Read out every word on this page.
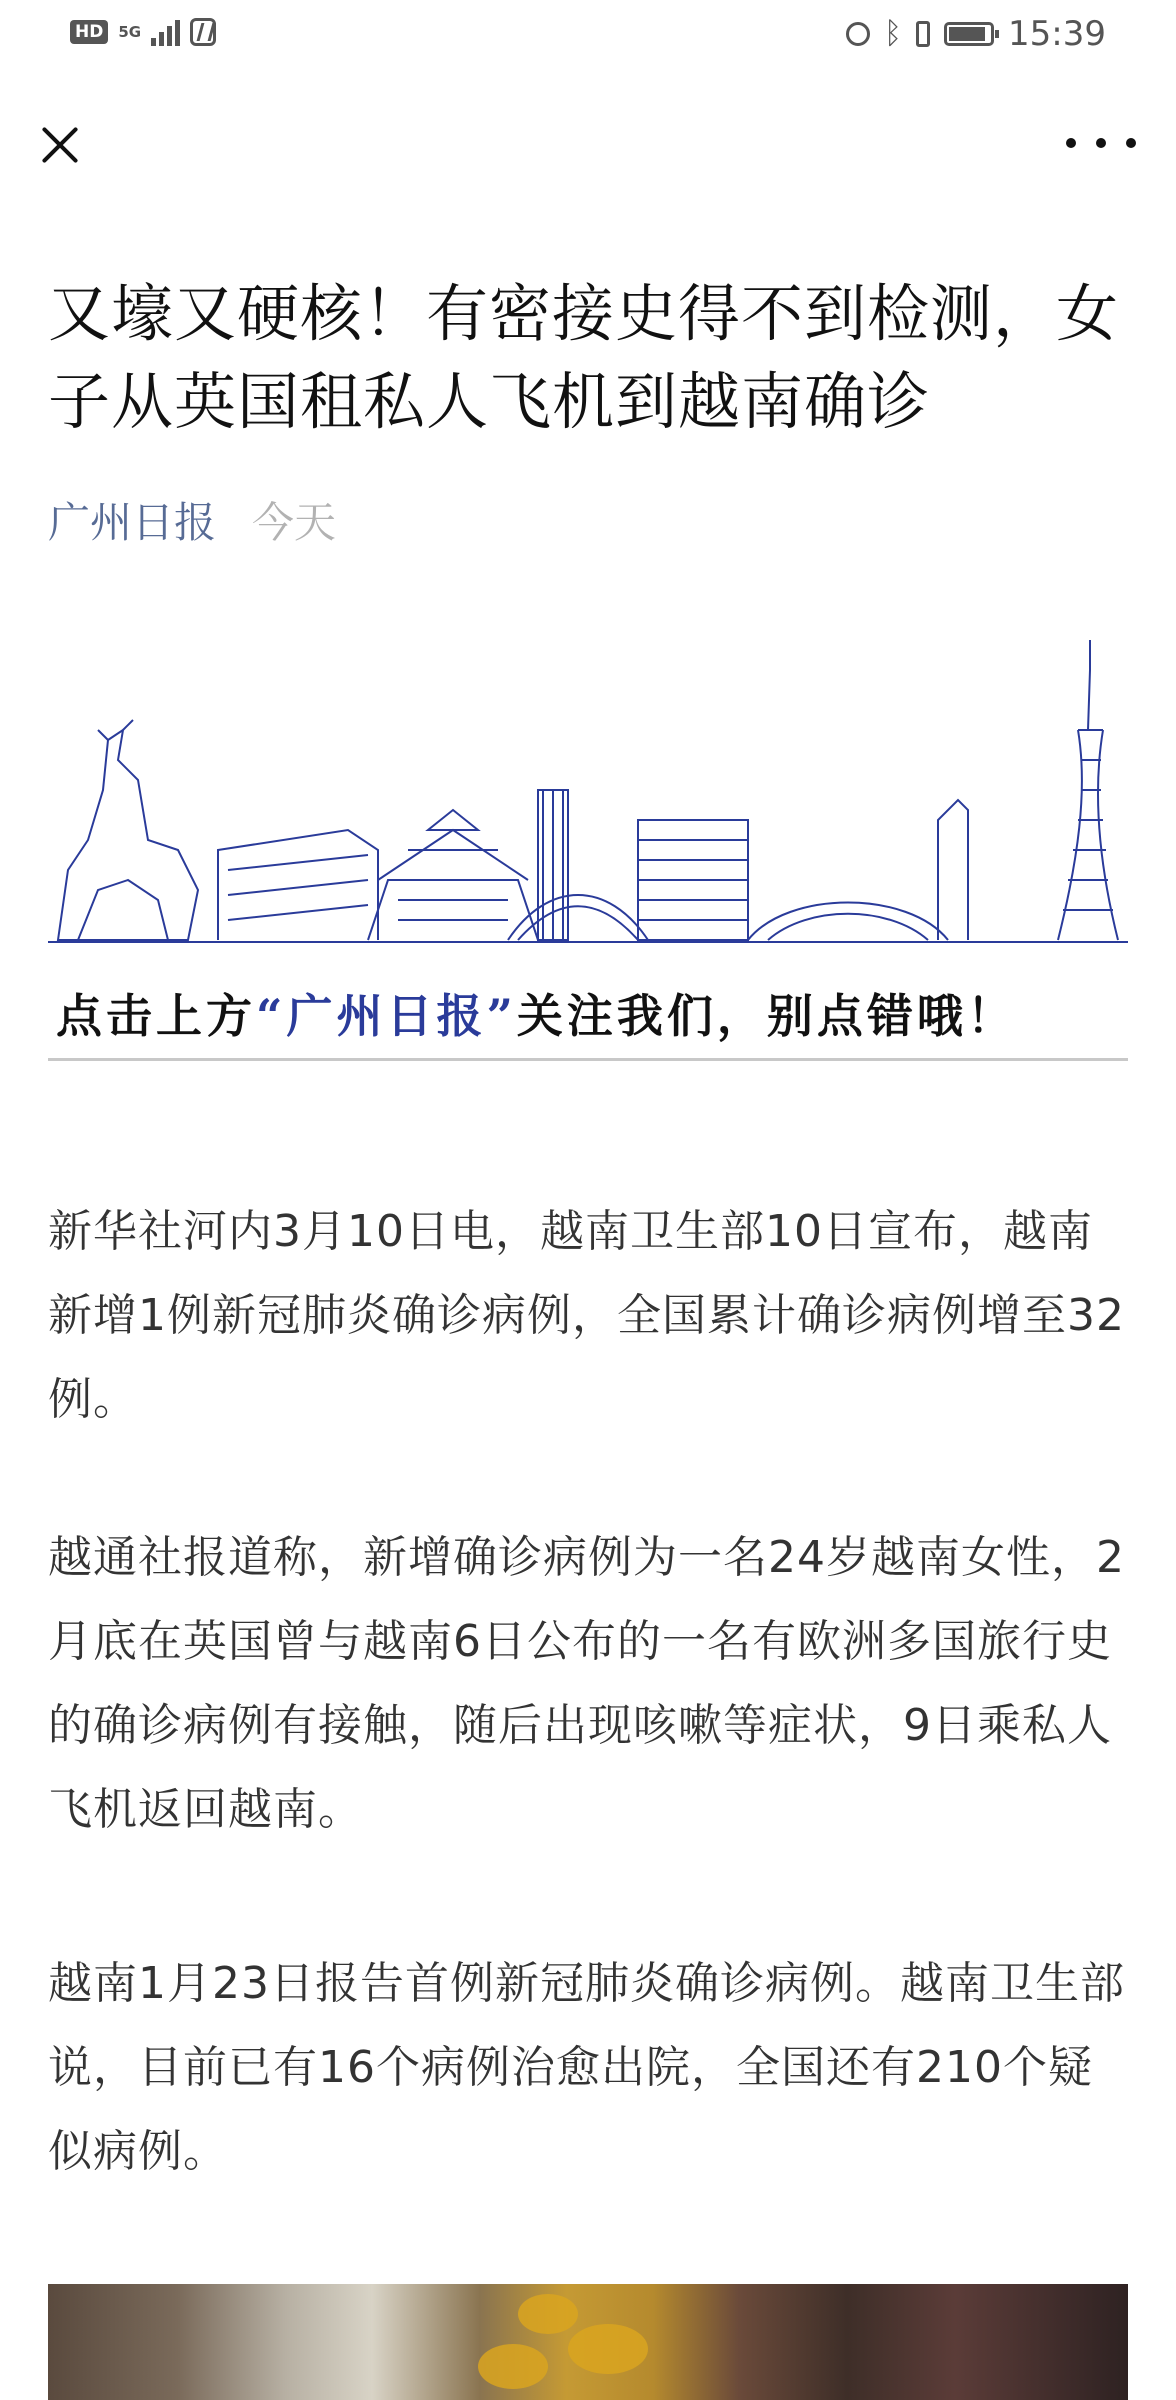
HD	5G	ᛒ	15:39
又壕又硬核！有密接史得不到检测，女子从英国租私人飞机到越南确诊
广州日报 今天
点击上方“广州日报”关注我们，别点错哦！

新华社河内3月10日电，越南卫生部10日宣布，越南新增1例新冠肺炎确诊病例，全国累计确诊病例增至32例。

越通社报道称，新增确诊病例为一名24岁越南女性，2月底在英国曾与越南6日公布的一名有欧洲多国旅行史的确诊病例有接触，随后出现咳嗽等症状，9日乘私人飞机返回越南。

越南1月23日报告首例新冠肺炎确诊病例。越南卫生部说，目前已有16个病例治愈出院，全国还有210个疑似病例。
